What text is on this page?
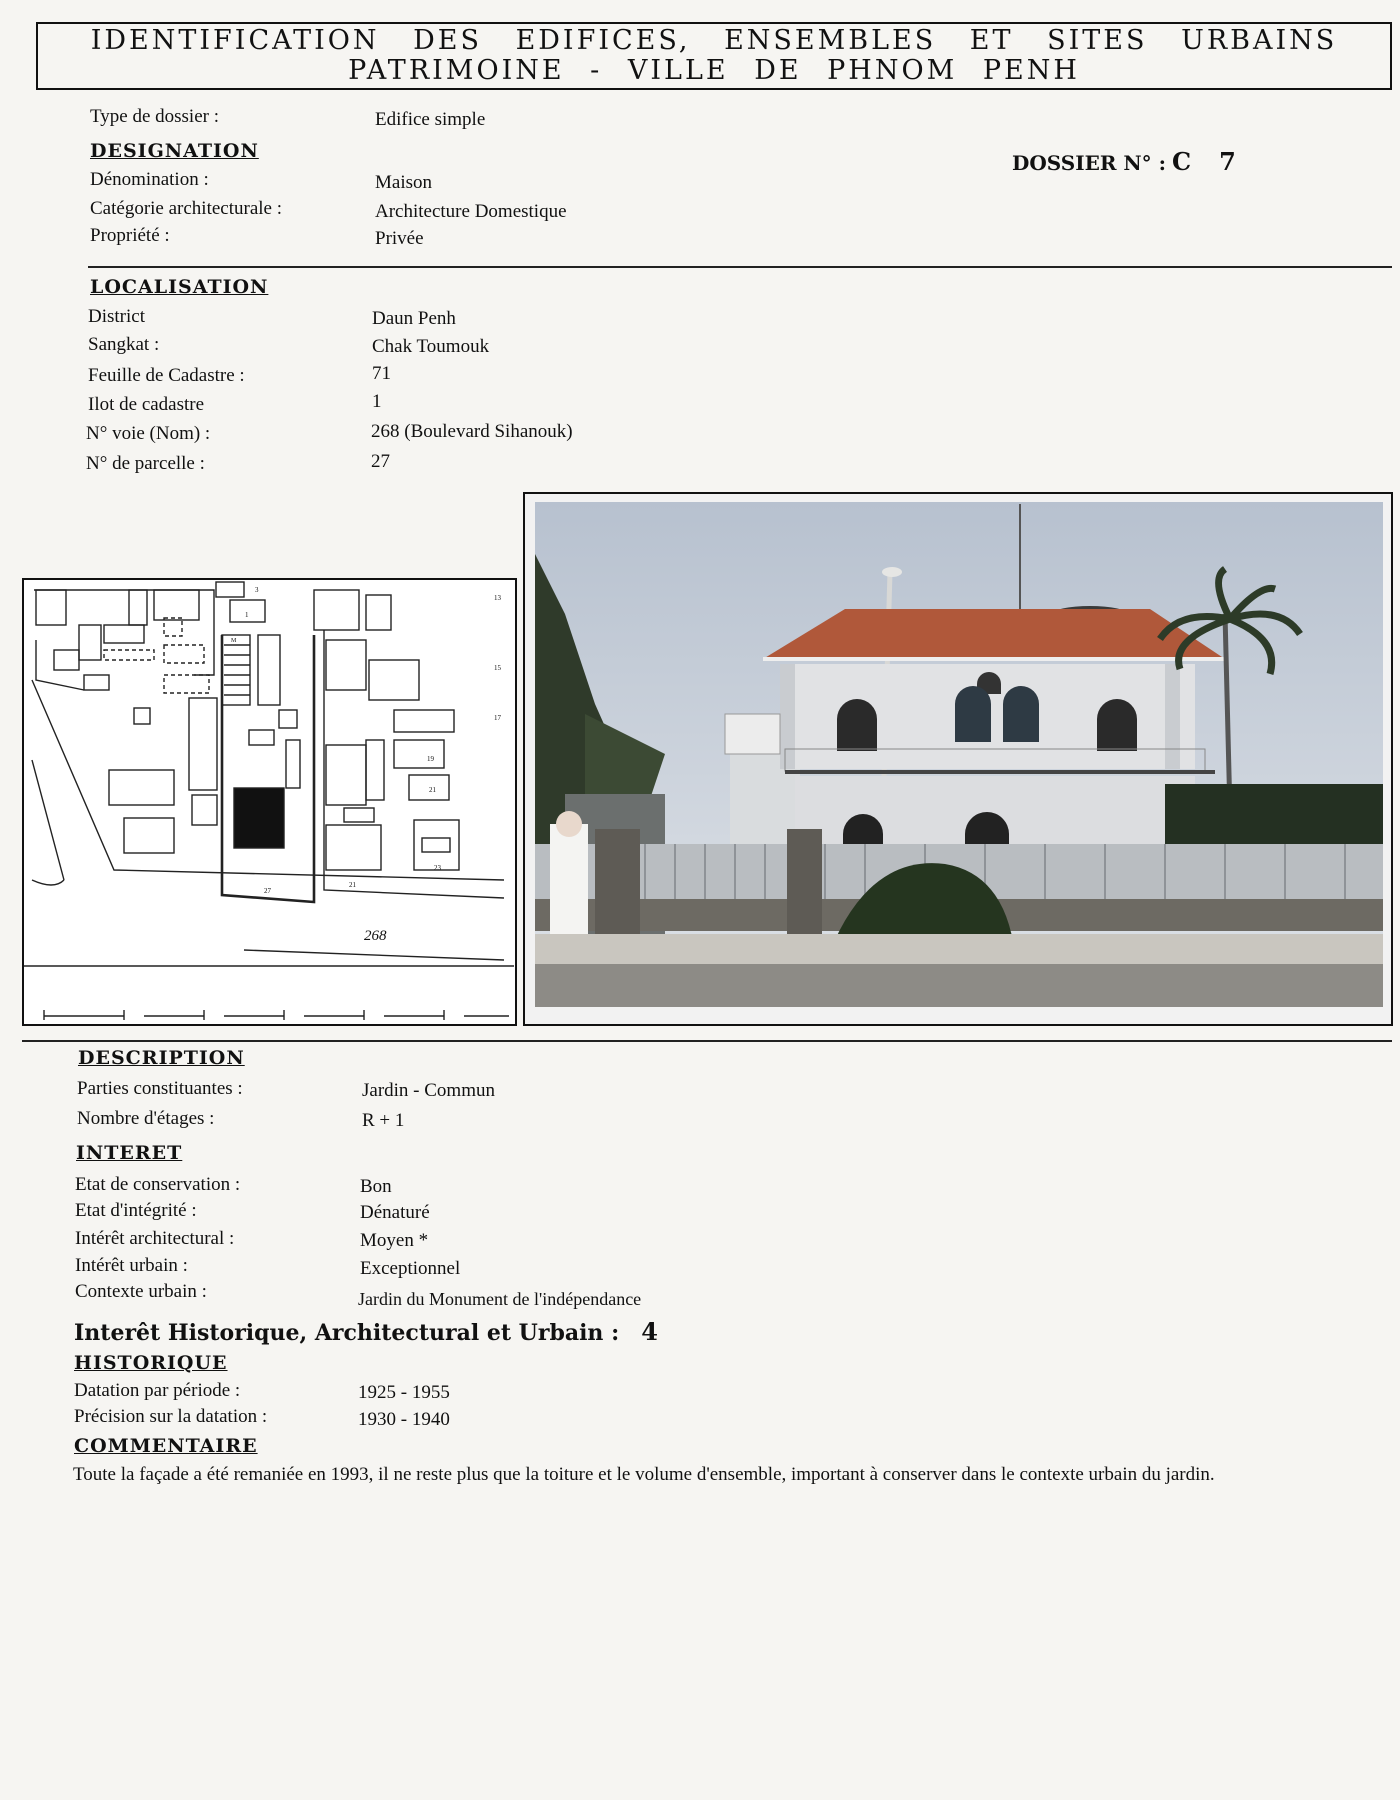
IDENTIFICATION DES EDIFICES, ENSEMBLES ET SITES URBAINS
PATRIMOINE - VILLE DE PHNOM PENH
Type de dossier :	Edifice simple
DOSSIER N° : C 7
DESIGNATION
Dénomination :	Maison
Catégorie architecturale :	Architecture Domestique
Propriété :	Privée
LOCALISATION
District	Daun Penh
Sangkat :	Chak Toumouk
Feuille de Cadastre :	71
Ilot de cadastre	1
N° voie (Nom) :	268 (Boulevard Sihanouk)
N° de parcelle :	27
268
27
21
19
23
17
15
13
3
1
M
21
DESCRIPTION
Parties constituantes :	Jardin - Commun
Nombre d'étages :	R + 1
INTERET
Etat de conservation :	Bon
Etat d'intégrité :	Dénaturé
Intérêt architectural :	Moyen *
Intérêt urbain :	Exceptionnel
Contexte urbain :	Jardin du Monument de l'indépendance
Interêt Historique, Architectural et Urbain : 4
HISTORIQUE
Datation par période :	1925 - 1955
Précision sur la datation :	1930 - 1940
COMMENTAIRE
Toute la façade a été remaniée en 1993, il ne reste plus que la toiture et le volume d'ensemble, important à conserver dans le contexte urbain du jardin.
